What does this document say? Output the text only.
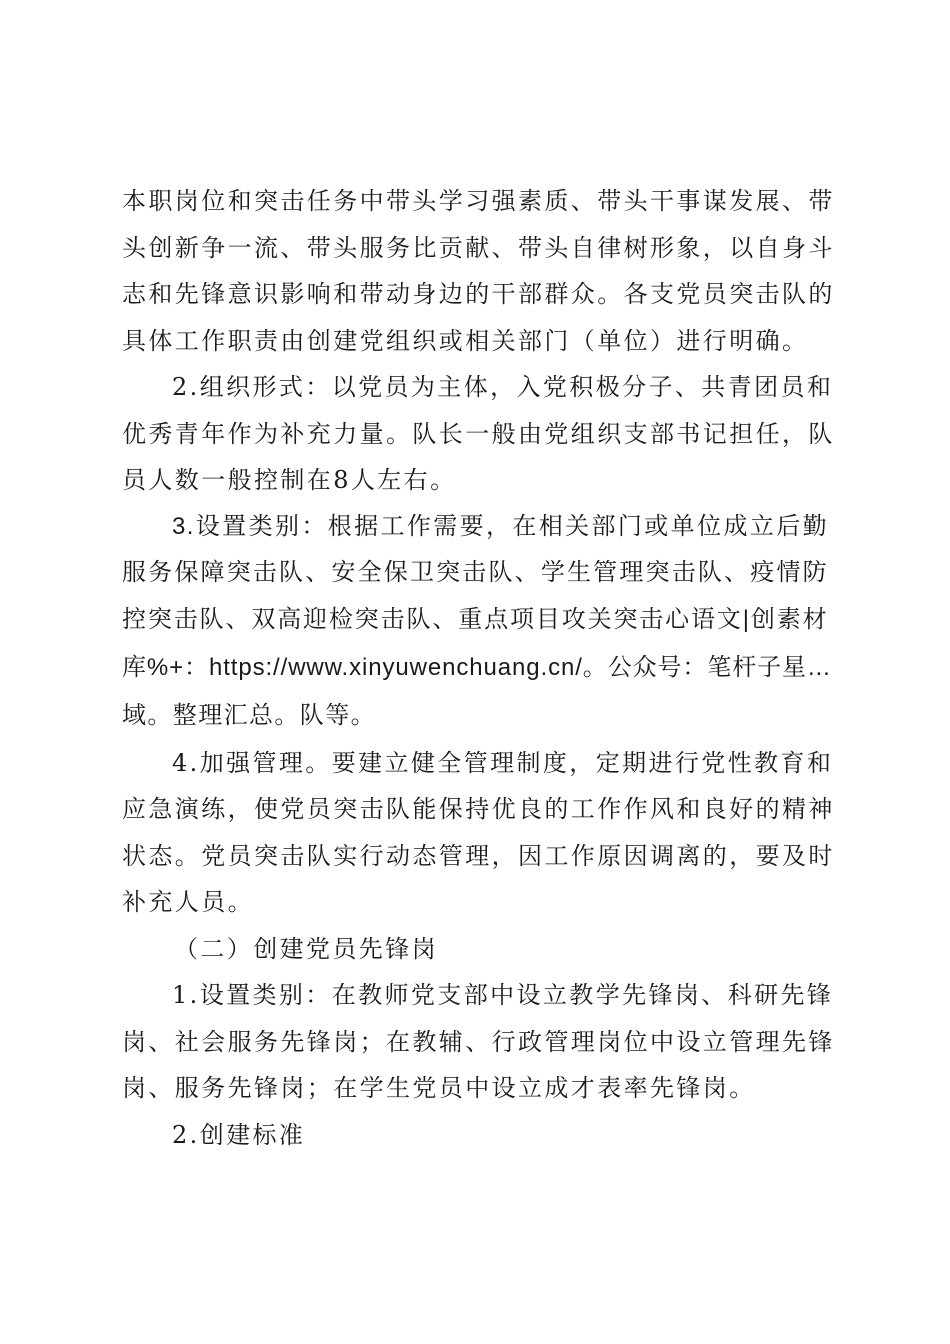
本职岗位和突击任务中带头学习强素质、带头干事谋发展、带
头创新争一流、带头服务比贡献、带头自律树形象，以自身斗
志和先锋意识影响和带动身边的干部群众。各支党员突击队的
具体工作职责由创建党组织或相关部门（单位）进行明确。
2.组织形式：以党员为主体，入党积极分子、共青团员和
优秀青年作为补充力量。队长一般由党组织支部书记担任，队
员人数一般控制在8人左右。
3.设置类别：根据工作需要，在相关部门或单位成立后勤
服务保障突击队、安全保卫突击队、学生管理突击队、疫情防
控突击队、双高迎检突击队、重点项目攻关突击心语文|创素材
库%+：https://www.xinyuwenchuang.cn/。公众号：笔杆子星…
域。整理汇总。队等。
4.加强管理。要建立健全管理制度，定期进行党性教育和
应急演练，使党员突击队能保持优良的工作作风和良好的精神
状态。党员突击队实行动态管理，因工作原因调离的，要及时
补充人员。
（二）创建党员先锋岗
1.设置类别：在教师党支部中设立教学先锋岗、科研先锋
岗、社会服务先锋岗；在教辅、行政管理岗位中设立管理先锋
岗、服务先锋岗；在学生党员中设立成才表率先锋岗。
2.创建标准
